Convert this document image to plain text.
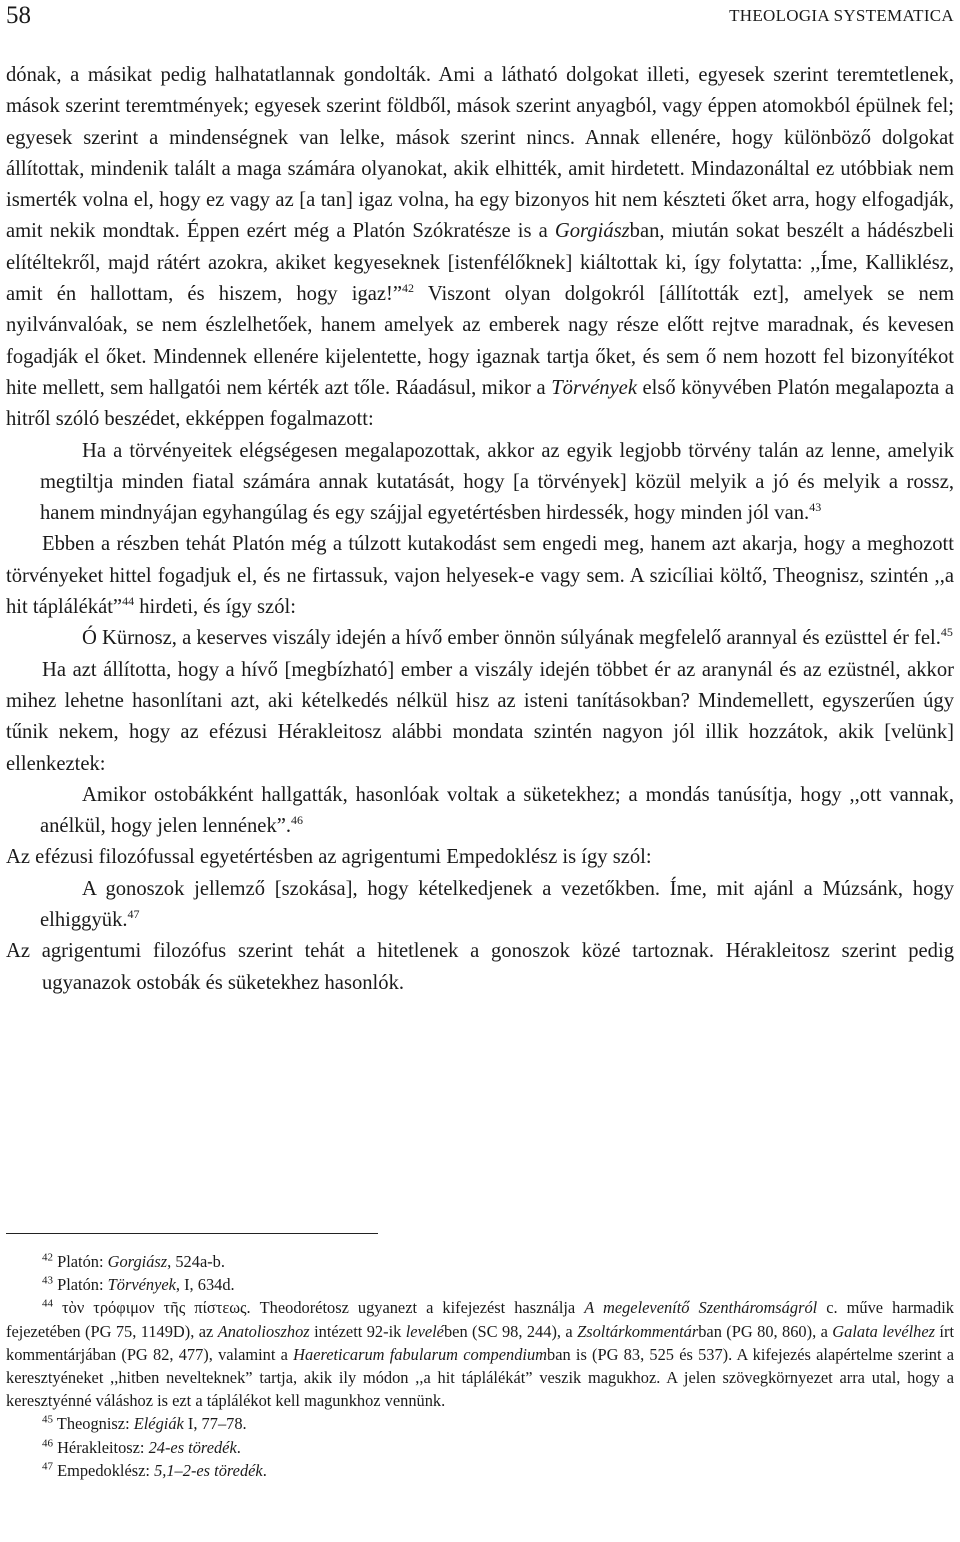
58	THEOLOGIA SYSTEMATICA

dónak, a másikat pedig halhatatlannak gondolták. Ami a látható dolgokat illeti, egyesek szerint teremtetlenek, mások szerint teremtmények; egyesek szerint földből, mások szerint anyagból, vagy éppen atomokból épülnek fel; egyesek szerint a mindenségnek van lelke, mások szerint nincs. Annak ellenére, hogy különböző dolgokat állítottak, mindenik talált a maga számára olyanokat, akik elhitték, amit hirdetett. Mindazonáltal ez utóbbiak nem ismerték volna el, hogy ez vagy az [a tan] igaz volna, ha egy bizonyos hit nem készteti őket arra, hogy elfogadják, amit nekik mondtak. Éppen ezért még a Platón Szókratésze is a Gorgiászban, miután sokat beszélt a hádészbeli elítéltekről, majd rátért azokra, akiket kegyeseknek [istenfélőknek] kiáltottak ki, így folytatta: ,,Íme, Kalliklész, amit én hallottam, és hiszem, hogy igaz!”$^{42}$ Viszont olyan dolgokról [állították ezt], amelyek se nem nyilvánvalóak, se nem észlelhetőek, hanem amelyek az emberek nagy része előtt rejtve maradnak, és kevesen fogadják el őket. Mindennek ellenére kijelentette, hogy igaznak tartja őket, és sem ő nem hozott fel bizonyítékot hite mellett, sem hallgatói nem kérték azt tőle. Ráadásul, mikor a Törvények első könyvében Platón megalapozta a hitről szóló beszédet, ekképpen fogalmazott:

Ha a törvényeitek elégségesen megalapozottak, akkor az egyik legjobb törvény talán az lenne, amelyik megtiltja minden fiatal számára annak kutatását, hogy [a törvények] közül melyik a jó és melyik a rossz, hanem mindnyájan egyhangúlag és egy szájjal egyetértésben hirdessék, hogy minden jól van.$^{43}$

Ebben a részben tehát Platón még a túlzott kutakodást sem engedi meg, hanem azt akarja, hogy a meghozott törvényeket hittel fogadjuk el, és ne firtassuk, vajon helyesek-e vagy sem. A szicíliai költő, Theognisz, szintén ,,a hit táplálékát”$^{44}$ hirdeti, és így szól:

Ó Kürnosz, a keserves viszály idején a hívő ember önnön súlyának megfelelő arannyal és ezüsttel ér fel.$^{45}$

Ha azt állította, hogy a hívő [megbízható] ember a viszály idején többet ér az aranynál és az ezüstnél, akkor mihez lehetne hasonlítani azt, aki kételkedés nélkül hisz az isteni tanításokban? Mindemellett, egyszerűen úgy tűnik nekem, hogy az efézusi Hérakleitosz alábbi mondata szintén nagyon jól illik hozzátok, akik [velünk] ellenkeztek:

Amikor ostobákként hallgatták, hasonlóak voltak a süketekhez; a mondás tanúsítja, hogy ,,ott vannak, anélkül, hogy jelen lennének”.$^{46}$

Az efézusi filozófussal egyetértésben az agrigentumi Empedoklész is így szól:

A gonoszok jellemző [szokása], hogy kételkedjenek a vezetőkben. Íme, mit ajánl a Múzsánk, hogy elhiggyük.$^{47}$

Az agrigentumi filozófus szerint tehát a hitetlenek a gonoszok közé tartoznak. Hérakleitosz szerint pedig ugyanazok ostobák és süketekhez hasonlók.

$^{42}$ Platón: Gorgiász, 524a-b.

$^{43}$ Platón: Törvények, I, 634d.

$^{44}$ τὸν τρόφιμον τῆς πίστεως. Theodorétosz ugyanezt a kifejezést használja A megelevenítő Szentháromságról c. műve harmadik fejezetében (PG 75, 1149D), az Anatolioszhoz intézett 92-ik levelében (SC 98, 244), a Zsoltárkommentárban (PG 80, 860), a Galata levélhez írt kommentárjában (PG 82, 477), valamint a Haereticarum fabularum compendiumban is (PG 83, 525 és 537). A kifejezés alapértelme szerint a keresztyéneket ,,hitben nevelteknek” tartja, akik ily módon ,,a hit táplálékát” veszik magukhoz. A jelen szövegkörnyezet arra utal, hogy a keresztyénné váláshoz is ezt a táplálékot kell magunkhoz vennünk.

$^{45}$ Theognisz: Elégiák I, 77–78.

$^{46}$ Hérakleitosz: 24-es töredék.

$^{47}$ Empedoklész: 5,1–2-es töredék.
